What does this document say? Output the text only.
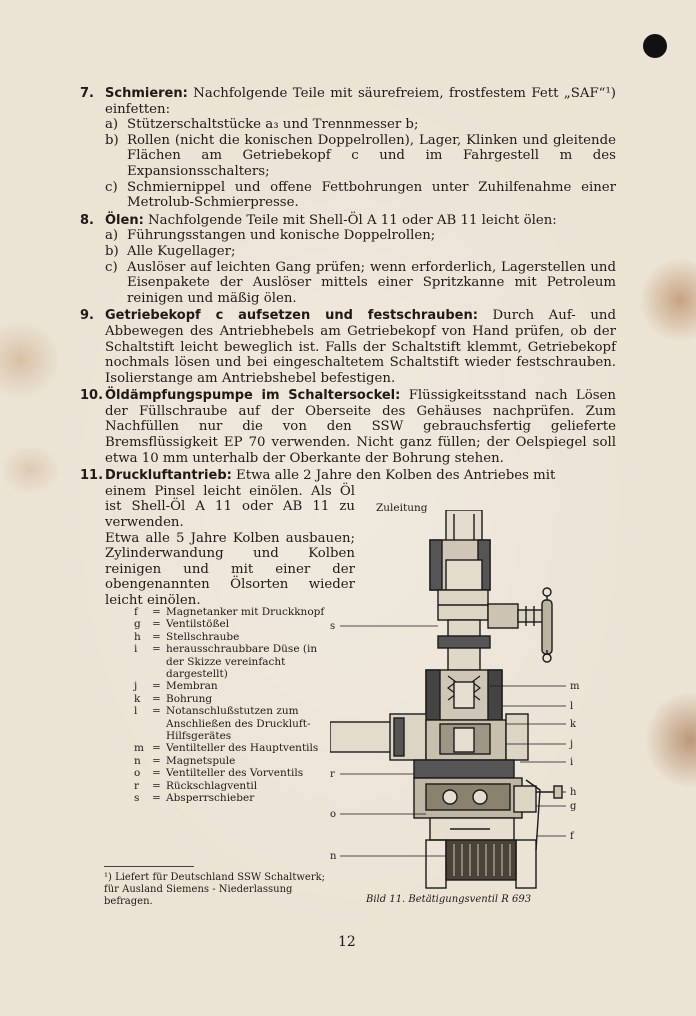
7. Schmieren: Nachfolgende Teile mit säurefreiem, frostfestem Fett „SAF“¹) einfetten:
a) Stützerschaltstücke a₃ und Trennmesser b;
b) Rollen (nicht die konischen Doppelrollen), Lager, Klinken und gleitende Flächen am Getriebekopf c und im Fahrgestell m des Expansionsschalters;
c) Schmiernippel und offene Fettbohrungen unter Zuhilfenahme einer Metrolub-Schmierpresse.
8. Ölen: Nachfolgende Teile mit Shell-Öl A 11 oder AB 11 leicht ölen:
a) Führungsstangen und konische Doppelrollen;
b) Alle Kugellager;
c) Auslöser auf leichten Gang prüfen; wenn erforderlich, Lagerstellen und Eisenpakete der Auslöser mittels einer Spritzkanne mit Petroleum reinigen und mäßig ölen.
9. Getriebekopf c aufsetzen und festschrauben: Durch Auf- und Abbewegen des Antriebhebels am Getriebekopf von Hand prüfen, ob der Schaltstift leicht beweglich ist. Falls der Schaltstift klemmt, Getriebekopf nochmals lösen und bei eingeschaltetem Schaltstift wieder festschrauben. Isolierstange am Antriebshebel befestigen.
10. Öldämpfungspumpe im Schaltersockel: Flüssigkeitsstand nach Lösen der Füllschraube auf der Oberseite des Gehäuses nachprüfen. Zum Nachfüllen nur die von den SSW gebrauchsfertig gelieferte Bremsflüssigkeit EP 70 verwenden. Nicht ganz füllen; der Oelspiegel soll etwa 10 mm unterhalb der Oberkante der Bohrung stehen.
11. Druckluftantrieb: Etwa alle 2 Jahre den Kolben des Antriebes mit
einem Pinsel leicht einölen. Als Öl ist Shell-Öl A 11 oder AB 11 zu verwenden.
Etwa alle 5 Jahre Kolben ausbauen; Zylinderwandung und Kolben reinigen und mit einer der obengenannten Ölsorten wieder leicht einölen.
f = Magnetanker mit Druckknopf
g = Ventilstößel
h = Stellschraube
i = herausschraubbare Düse (in der Skizze vereinfacht dargestellt)
j = Membran
k = Bohrung
l = Notanschlußstutzen zum Anschließen des Druckluft-Hilfsgerätes
m = Ventilteller des Hauptventils
n = Magnetspule
o = Ventilteller des Vorventils
r = Rückschlagventil
s = Absperrschieber
¹) Liefert für Deutschland SSW Schaltwerk; für Ausland Siemens - Niederlassung befragen.
Zuleitung
m
l
k
j
i
h
g
f
s
r
o
n
Bild 11. Betätigungsventil R 693
12
